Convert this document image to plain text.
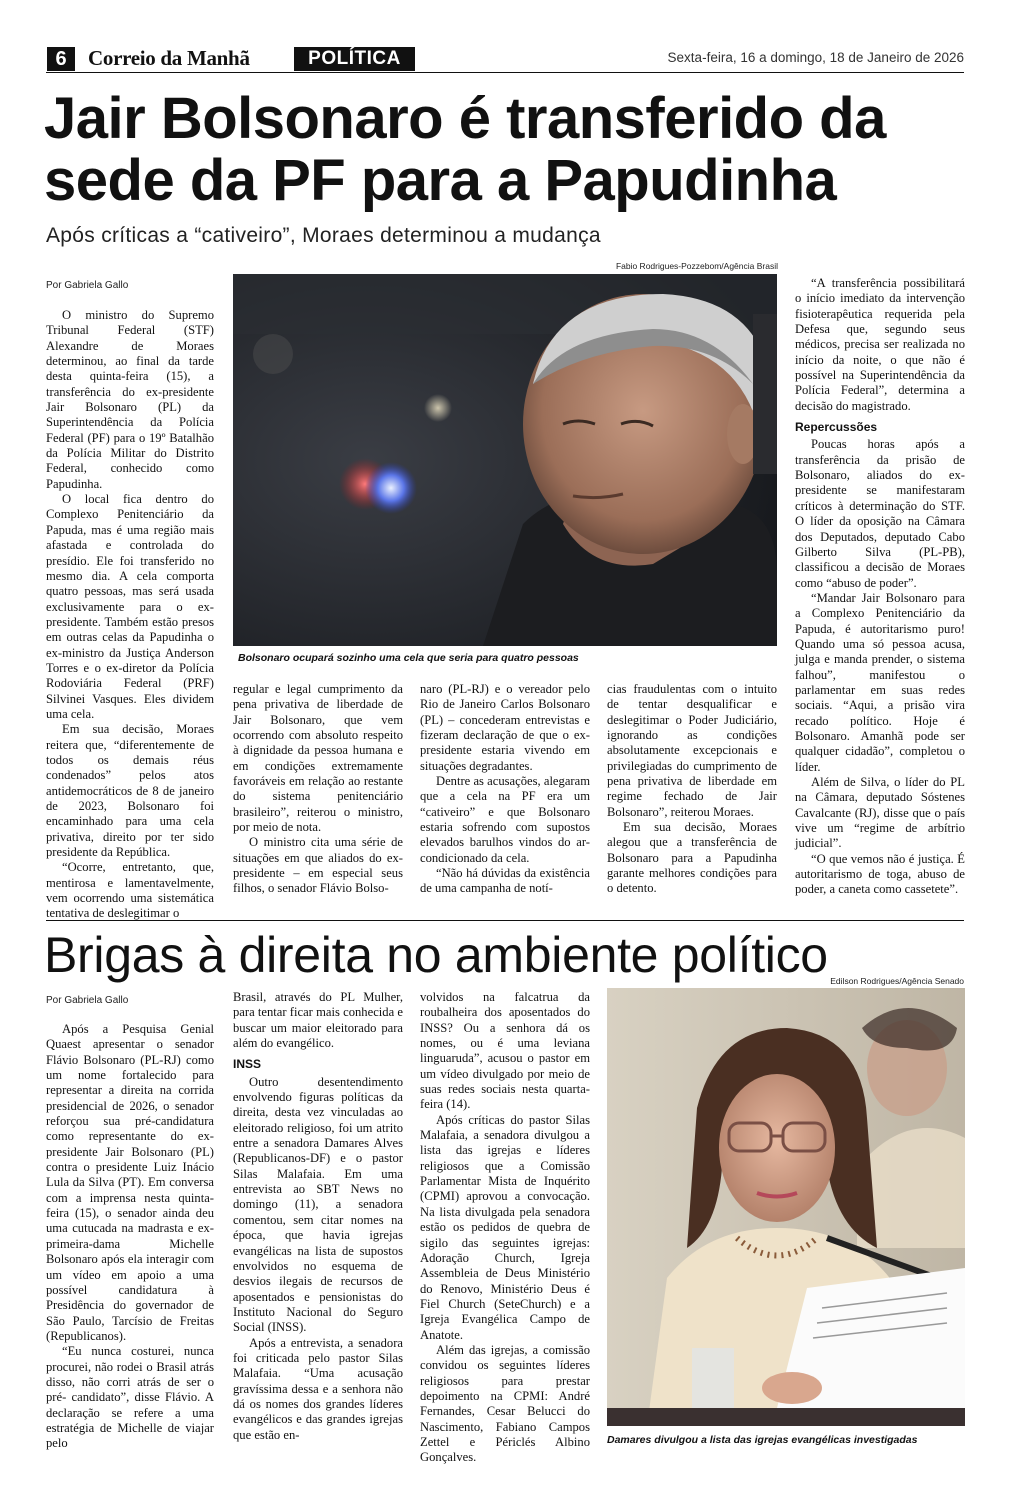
6	Correio da Manhã	POLÍTICA	Sexta-feira, 16 a domingo, 18 de Janeiro de 2026
Jair Bolsonaro é transferido da sede da PF para a Papudinha
Após críticas a “cativeiro”, Moraes determinou a mudança
Por Gabriela Gallo
Fabio Rodrigues-Pozzebom/Agência Brasil
Bolsonaro ocupará sozinho uma cela que seria para quatro pessoas

O ministro do Supremo Tribunal Federal (STF) Alexandre de Moraes determinou, ao final da tarde desta quinta-feira (15), a transferência do ex-presidente Jair Bolsonaro (PL) da Superintendência da Polícia Federal (PF) para o 19º Batalhão da Polícia Militar do Distrito Federal, conhecido como Papudinha.

O local fica dentro do Complexo Penitenciário da Papuda, mas é uma região mais afastada e controlada do presídio. Ele foi transferido no mesmo dia. A cela comporta quatro pessoas, mas será usada exclusivamente para o ex-presidente. Também estão presos em outras celas da Papudinha o ex-ministro da Justiça Anderson Torres e o ex-diretor da Polícia Rodoviária Federal (PRF) Silvinei Vasques. Eles dividem uma cela.

Em sua decisão, Moraes reitera que, “diferentemente de todos os demais réus condenados” pelos atos antidemocráticos de 8 de janeiro de 2023, Bolsonaro foi encaminhado para uma cela privativa, direito por ter sido presidente da República.

“Ocorre, entretanto, que, mentirosa e lamentavelmente, vem ocorrendo uma sistemática tentativa de deslegitimar o

regular e legal cumprimento da pena privativa de liberdade de Jair Bolsonaro, que vem ocorrendo com absoluto respeito à dignidade da pessoa humana e em condições extremamente favoráveis em relação ao restante do sistema penitenciário brasileiro”, reiterou o ministro, por meio de nota.

O ministro cita uma série de situações em que aliados do ex-presidente – em especial seus filhos, o senador Flávio Bolso-

naro (PL-RJ) e o vereador pelo Rio de Janeiro Carlos Bolsonaro (PL) – concederam entrevistas e fizeram declaração de que o ex-presidente estaria vivendo em situações degradantes.

Dentre as acusações, alegaram que a cela na PF era um “cativeiro” e que Bolsonaro estaria sofrendo com supostos elevados barulhos vindos do ar-condicionado da cela.

“Não há dúvidas da existência de uma campanha de notí-

cias fraudulentas com o intuito de tentar desqualificar e deslegitimar o Poder Judiciário, ignorando as condições absolutamente excepcionais e privilegiadas do cumprimento de pena privativa de liberdade em regime fechado de Jair Bolsonaro”, reiterou Moraes.

Em sua decisão, Moraes alegou que a transferência de Bolsonaro para a Papudinha garante melhores condições para o detento.

“A transferência possibilitará o início imediato da intervenção fisioterapêutica requerida pela Defesa que, segundo seus médicos, precisa ser realizada no início da noite, o que não é possível na Superintendência da Polícia Federal”, determina a decisão do magistrado.

Repercussões

Poucas horas após a transferência da prisão de Bolsonaro, aliados do ex-presidente se manifestaram críticos à determinação do STF. O líder da oposição na Câmara dos Deputados, deputado Cabo Gilberto Silva (PL-PB), classificou a decisão de Moraes como “abuso de poder”.

“Mandar Jair Bolsonaro para a Complexo Penitenciário da Papuda, é autoritarismo puro! Quando uma só pessoa acusa, julga e manda prender, o sistema falhou”, manifestou o parlamentar em suas redes sociais. “Aqui, a prisão vira recado político. Hoje é Bolsonaro. Amanhã pode ser qualquer cidadão”, completou o líder.

Além de Silva, o líder do PL na Câmara, deputado Sóstenes Cavalcante (RJ), disse que o país vive um “regime de arbítrio judicial”.

“O que vemos não é justiça. É autoritarismo de toga, abuso de poder, a caneta como cassetete”.

Brigas à direita no ambiente político
Por Gabriela Gallo
Edilson Rodrigues/Agência Senado

Após a Pesquisa Genial Quaest apresentar o senador Flávio Bolsonaro (PL-RJ) como um nome fortalecido para representar a direita na corrida presidencial de 2026, o senador reforçou sua pré-candidatura como representante do ex-presidente Jair Bolsonaro (PL) contra o presidente Luiz Inácio Lula da Silva (PT). Em conversa com a imprensa nesta quinta-feira (15), o senador ainda deu uma cutucada na madrasta e ex-primeira-dama Michelle Bolsonaro após ela interagir com um vídeo em apoio a uma possível candidatura à Presidência do governador de São Paulo, Tarcísio de Freitas (Republicanos).

“Eu nunca costurei, nunca procurei, não rodei o Brasil atrás disso, não corri atrás de ser o pré- candidato”, disse Flávio. A declaração se refere a uma estratégia de Michelle de viajar pelo

Brasil, através do PL Mulher, para tentar ficar mais conhecida e buscar um maior eleitorado para além do evangélico.

INSS

Outro desentendimento envolvendo figuras políticas da direita, desta vez vinculadas ao eleitorado religioso, foi um atrito entre a senadora Damares Alves (Republicanos-DF) e o pastor Silas Malafaia. Em uma entrevista ao SBT News no domingo (11), a senadora comentou, sem citar nomes na época, que havia igrejas evangélicas na lista de supostos envolvidos no esquema de desvios ilegais de recursos de aposentados e pensionistas do Instituto Nacional do Seguro Social (INSS).

Após a entrevista, a senadora foi criticada pelo pastor Silas Malafaia. “Uma acusação gravíssima dessa e a senhora não dá os nomes dos grandes líderes evangélicos e das grandes igrejas que estão en-

volvidos na falcatrua da roubalheira dos aposentados do INSS? Ou a senhora dá os nomes, ou é uma leviana linguaruda”, acusou o pastor em um vídeo divulgado por meio de suas redes sociais nesta quarta-feira (14).

Após críticas do pastor Silas Malafaia, a senadora divulgou a lista das igrejas e líderes religiosos que a Comissão Parlamentar Mista de Inquérito (CPMI) aprovou a convocação. Na lista divulgada pela senadora estão os pedidos de quebra de sigilo das seguintes igrejas: Adoração Church, Igreja Assembleia de Deus Ministério do Renovo, Ministério Deus é Fiel Church (SeteChurch) e a Igreja Evangélica Campo de Anatote.

Além das igrejas, a comissão convidou os seguintes líderes religiosos para prestar depoimento na CPMI: André Fernandes, Cesar Belucci do Nascimento, Fabiano Campos Zettel e Périclés Albino Gonçalves.

Damares divulgou a lista das igrejas evangélicas investigadas
